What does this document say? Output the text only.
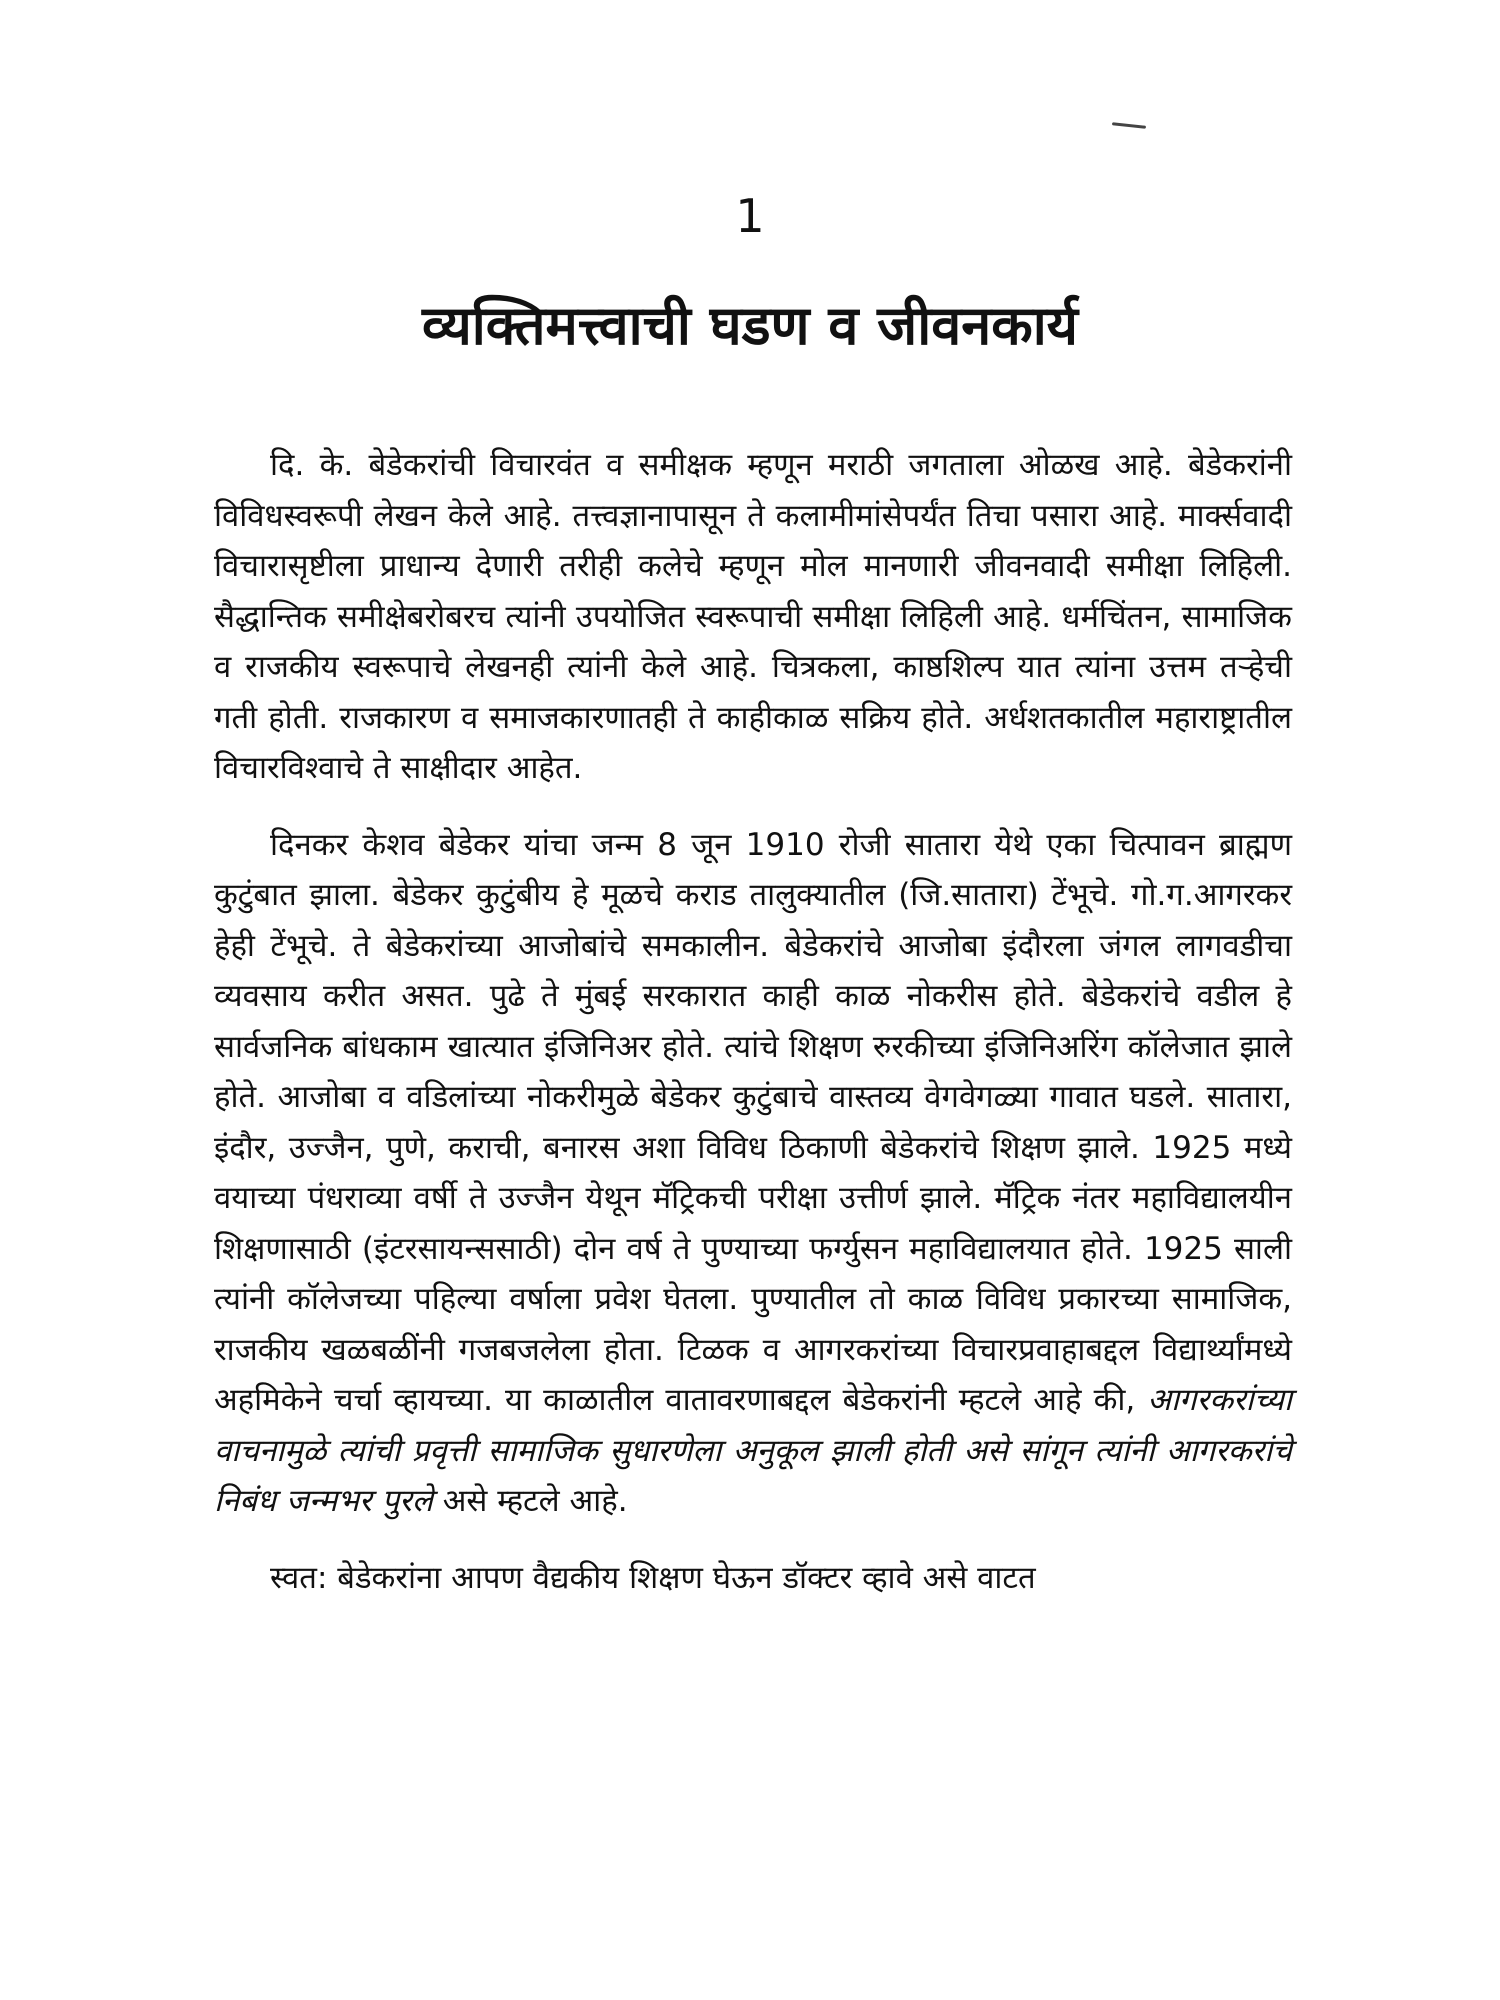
1
व्यक्तिमत्त्वाची घडण व जीवनकार्य

दि. के. बेडेकरांची विचारवंत व समीक्षक म्हणून मराठी जगताला ओळख आहे. बेडेकरांनी विविधस्वरूपी लेखन केले आहे. तत्त्वज्ञानापासून ते कलामीमांसेपर्यंत तिचा पसारा आहे. मार्क्सवादी विचारासृष्टीला प्राधान्य देणारी तरीही कलेचे म्हणून मोल मानणारी जीवनवादी समीक्षा लिहिली. सैद्धान्तिक समीक्षेबरोबरच त्यांनी उपयोजित स्वरूपाची समीक्षा लिहिली आहे. धर्मचिंतन, सामाजिक व राजकीय स्वरूपाचे लेखनही त्यांनी केले आहे. चित्रकला, काष्ठशिल्प यात त्यांना उत्तम तऱ्हेची गती होती. राजकारण व समाजकारणातही ते काहीकाळ सक्रिय होते. अर्धशतकातील महाराष्ट्रातील विचारविश्वाचे ते साक्षीदार आहेत.

दिनकर केशव बेडेकर यांचा जन्म 8 जून 1910 रोजी सातारा येथे एका चित्पावन ब्राह्मण कुटुंबात झाला. बेडेकर कुटुंबीय हे मूळचे कराड तालुक्यातील (जि.सातारा) टेंभूचे. गो.ग.आगरकर हेही टेंभूचे. ते बेडेकरांच्या आजोबांचे समकालीन. बेडेकरांचे आजोबा इंदौरला जंगल लागवडीचा व्यवसाय करीत असत. पुढे ते मुंबई सरकारात काही काळ नोकरीस होते. बेडेकरांचे वडील हे सार्वजनिक बांधकाम खात्यात इंजिनिअर होते. त्यांचे शिक्षण रुरकीच्या इंजिनिअरिंग कॉलेजात झाले होते. आजोबा व वडिलांच्या नोकरीमुळे बेडेकर कुटुंबाचे वास्तव्य वेगवेगळ्या गावात घडले. सातारा, इंदौर, उज्जैन, पुणे, कराची, बनारस अशा विविध ठिकाणी बेडेकरांचे शिक्षण झाले. 1925 मध्ये वयाच्या पंधराव्या वर्षी ते उज्जैन येथून मॅट्रिकची परीक्षा उत्तीर्ण झाले. मॅट्रिक नंतर महाविद्यालयीन शिक्षणासाठी (इंटरसायन्ससाठी) दोन वर्ष ते पुण्याच्या फर्ग्युसन महाविद्यालयात होते. 1925 साली त्यांनी कॉलेजच्या पहिल्या वर्षाला प्रवेश घेतला. पुण्यातील तो काळ विविध प्रकारच्या सामाजिक, राजकीय खळबळींनी गजबजलेला होता. टिळक व आगरकरांच्या विचारप्रवाहाबद्दल विद्यार्थ्यांमध्ये अहमिकेने चर्चा व्हायच्या. या काळातील वातावरणाबद्दल बेडेकरांनी म्हटले आहे की, आगरकरांच्या वाचनामुळे त्यांची प्रवृत्ती सामाजिक सुधारणेला अनुकूल झाली होती असे सांगून त्यांनी आगरकरांचे निबंध जन्मभर पुरले असे म्हटले आहे.

स्वत: बेडेकरांना आपण वैद्यकीय शिक्षण घेऊन डॉक्टर व्हावे असे वाटत
